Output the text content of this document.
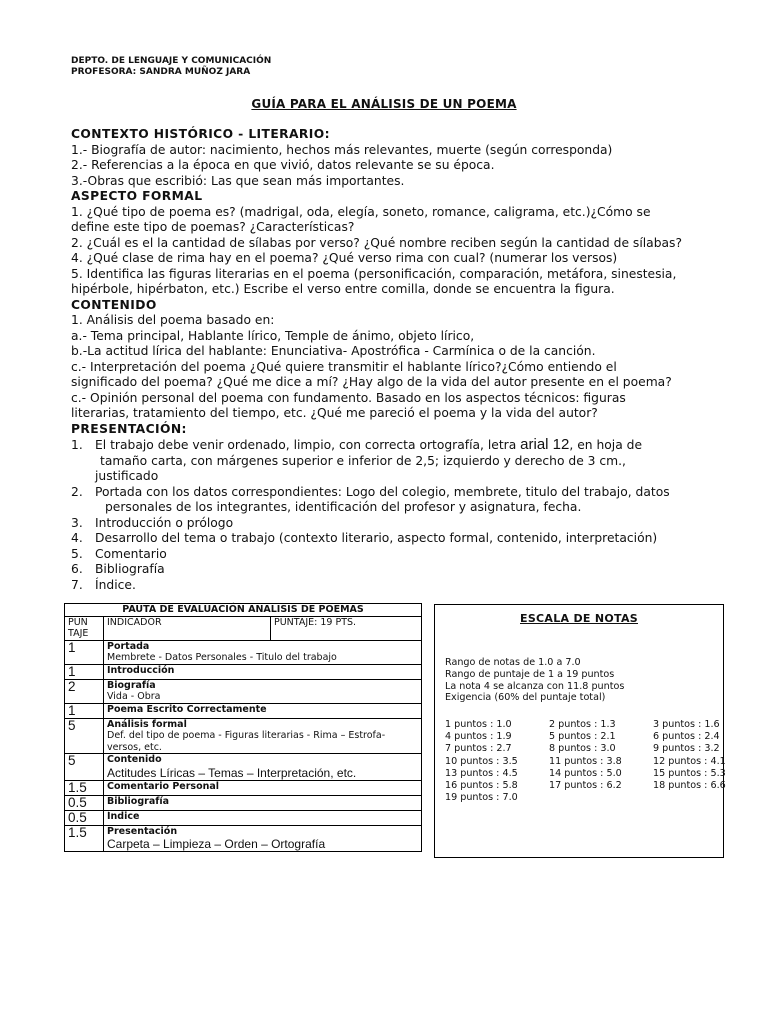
DEPTO. DE LENGUAJE Y COMUNICACIÓN
PROFESORA: SANDRA MUÑOZ JARA
GUÍA PARA EL ANÁLISIS DE UN POEMA
CONTEXTO HISTÓRICO - LITERARIO:
1.- Biografía de autor: nacimiento, hechos más relevantes, muerte (según corresponda)
2.- Referencias a la época en que vivió, datos relevante se su época.
3.-Obras que escribió: Las que sean más importantes.
ASPECTO FORMAL
1. ¿Qué tipo de poema es? (madrigal, oda, elegía, soneto, romance, caligrama, etc.)¿Cómo se
define este tipo de poemas? ¿Características?
2. ¿Cuál es el la cantidad de sílabas por verso? ¿Qué nombre reciben según la cantidad de sílabas?
4. ¿Qué clase de rima hay en el poema? ¿Qué verso rima con cual? (numerar los versos)
5. Identifica las figuras literarias en el poema (personificación, comparación, metáfora, sinestesia,
hipérbole, hipérbaton, etc.) Escribe el verso entre comilla, donde se encuentra la figura.
CONTENIDO
1. Análisis del poema basado en:
a.- Tema principal, Hablante lírico, Temple de ánimo, objeto lírico,
b.-La actitud lírica del hablante: Enunciativa- Apostrófica - Carmínica o de la canción.
c.- Interpretación del poema ¿Qué quiere transmitir el hablante lírico?¿Cómo entiendo el
significado del poema? ¿Qué me dice a mí? ¿Hay algo de la vida del autor presente en el poema?
c.- Opinión personal del poema con fundamento. Basado en los aspectos técnicos: figuras
literarias, tratamiento del tiempo, etc. ¿Qué me pareció el poema y la vida del autor?
PRESENTACIÓN:
1. El trabajo debe venir ordenado, limpio, con correcta ortografía, letra arial 12, en hoja de
tamaño carta, con márgenes superior e inferior de 2,5; izquierdo y derecho de 3 cm.,
justificado
2. Portada con los datos correspondientes: Logo del colegio, membrete, titulo del trabajo, datos
personales de los integrantes, identificación del profesor y asignatura, fecha.
3. Introducción o prólogo
4. Desarrollo del tema o trabajo (contexto literario, aspecto formal, contenido, interpretación)
5. Comentario
6. Bibliografía
7. Índice.
PAUTA DE EVALUACIÓN ANALISIS DE POEMAS		
PUN
TAJE	INDICADOR	PUNTAJE: 19 PTS.
1	Portada
Membrete - Datos Personales - Titulo del trabajo	

1	Introducción	

2	Biografía
Vida - Obra	

1	Poema Escrito Correctamente	

5	Análisis formal
Def. del tipo de poema - Figuras literarias - Rima – Estrofa-
versos, etc.	

5	Contenido
Actitudes Líricas – Temas – Interpretación, etc.	

1.5	Comentario Personal	

0.5	Bibliografía	

0.5	Índice	

1.5	Presentación
Carpeta – Limpieza – Orden – Ortografía	
ESCALA DE NOTAS
Rango de notas de 1.0 a 7.0
Rango de puntaje de 1 a 19 puntos
La nota 4 se alcanza con 11.8 puntos
Exigencia (60% del puntaje total)
1 puntos : 1.0	2 puntos : 1.3	3 puntos : 1.6
4 puntos : 1.9	5 puntos : 2.1	6 puntos : 2.4
7 puntos : 2.7	8 puntos : 3.0	9 puntos : 3.2
10 puntos : 3.5	11 puntos : 3.8	12 puntos : 4.1
13 puntos : 4.5	14 puntos : 5.0	15 puntos : 5.3
16 puntos : 5.8	17 puntos : 6.2	18 puntos : 6.6
19 puntos : 7.0
